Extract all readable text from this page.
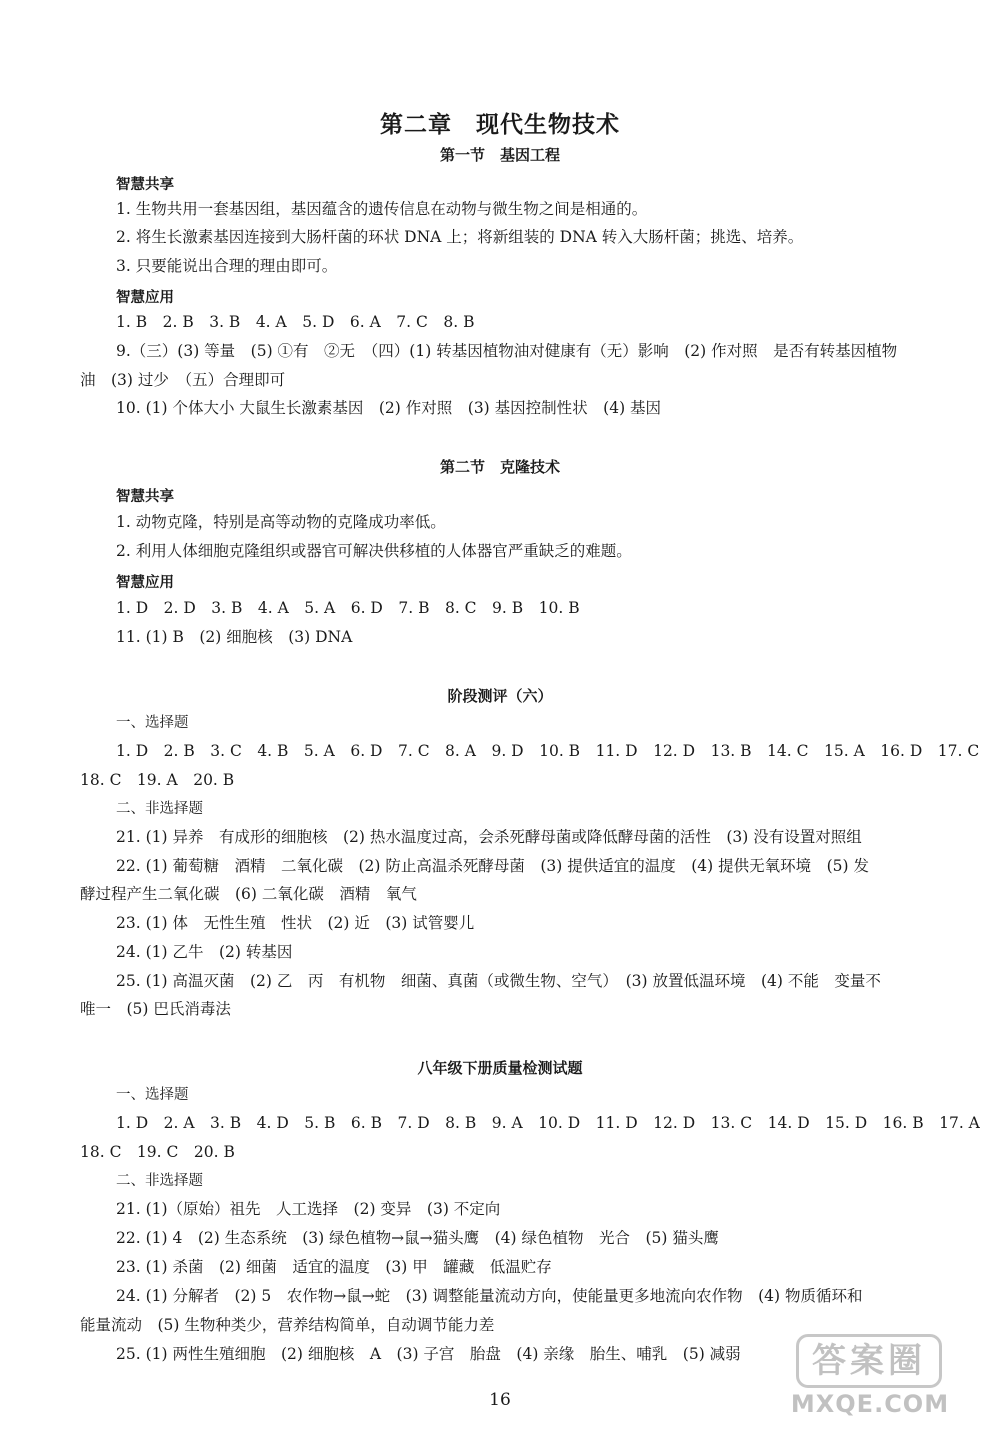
第二章　现代生物技术
第一节　基因工程
智慧共享
1. 生物共用一套基因组，基因蕴含的遗传信息在动物与微生物之间是相通的。
2. 将生长激素基因连接到大肠杆菌的环状 DNA 上；将新组装的 DNA 转入大肠杆菌；挑选、培养。
3. 只要能说出合理的理由即可。
智慧应用
1. B　2. B　3. B　4. A　5. D　6. A　7. C　8. B
9.（三）(3) 等量　(5) ①有　②无　（四）(1) 转基因植物油对健康有（无）影响　(2) 作对照　是否有转基因植物
油　(3) 过少　（五）合理即可
10. (1) 个体大小 大鼠生长激素基因　(2) 作对照　(3) 基因控制性状　(4) 基因
第二节　克隆技术
智慧共享
1. 动物克隆，特别是高等动物的克隆成功率低。
2. 利用人体细胞克隆组织或器官可解决供移植的人体器官严重缺乏的难题。
智慧应用
1. D　2. D　3. B　4. A　5. A　6. D　7. B　8. C　9. B　10. B
11. (1) B　(2) 细胞核　(3) DNA
阶段测评（六）
一、选择题
1. D　2. B　3. C　4. B　5. A　6. D　7. C　8. A　9. D　10. B　11. D　12. D　13. B　14. C　15. A　16. D　17. C
18. C　19. A　20. B
二、非选择题
21. (1) 异养　有成形的细胞核　(2) 热水温度过高，会杀死酵母菌或降低酵母菌的活性　(3) 没有设置对照组
22. (1) 葡萄糖　酒精　二氧化碳　(2) 防止高温杀死酵母菌　(3) 提供适宜的温度　(4) 提供无氧环境　(5) 发
酵过程产生二氧化碳　(6) 二氧化碳　酒精　氧气
23. (1) 体　无性生殖　性状　(2) 近　(3) 试管婴儿
24. (1) 乙牛　(2) 转基因
25. (1) 高温灭菌　(2) 乙　丙　有机物　细菌、真菌（或微生物、空气）　(3) 放置低温环境　(4) 不能　变量不
唯一　(5) 巴氏消毒法
八年级下册质量检测试题
一、选择题
1. D　2. A　3. B　4. D　5. B　6. B　7. D　8. B　9. A　10. D　11. D　12. D　13. C　14. D　15. D　16. B　17. A
18. C　19. C　20. B
二、非选择题
21. (1)（原始）祖先　人工选择　(2) 变异　(3) 不定向
22. (1) 4　(2) 生态系统　(3) 绿色植物→鼠→猫头鹰　(4) 绿色植物　光合　(5) 猫头鹰
23. (1) 杀菌　(2) 细菌　适宜的温度　(3) 甲　罐藏　低温贮存
24. (1) 分解者　(2) 5　农作物→鼠→蛇　(3) 调整能量流动方向，使能量更多地流向农作物　(4) 物质循环和
能量流动　(5) 生物种类少，营养结构简单，自动调节能力差
25. (1) 两性生殖细胞　(2) 细胞核　A　(3) 子宫　胎盘　(4) 亲缘　胎生、哺乳　(5) 减弱
16
答案圈
MXQE.COM
